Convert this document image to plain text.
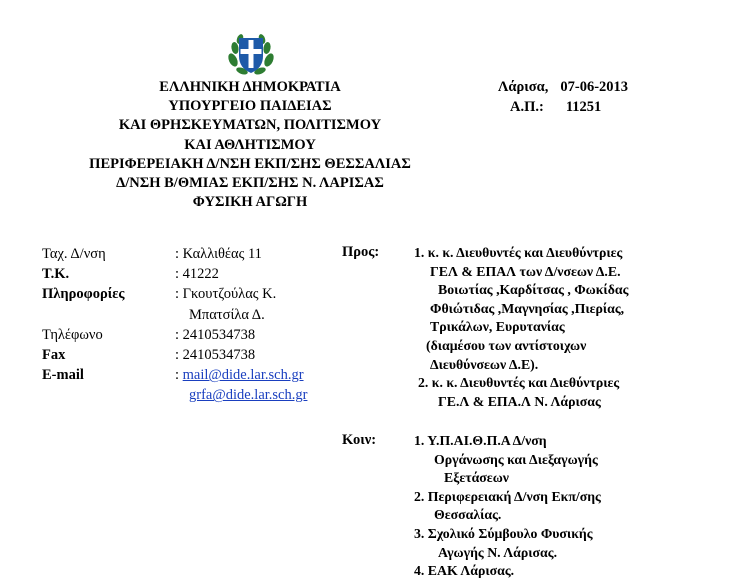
ΕΛΛΗΝΙΚΗ ΔΗΜΟΚΡΑΤΙΑ
ΥΠΟΥΡΓΕΙΟ ΠΑΙΔΕΙΑΣ
ΚΑΙ ΘΡΗΣΚΕΥΜΑΤΩΝ, ΠΟΛΙΤΙΣΜΟΥ
ΚΑΙ ΑΘΛΗΤΙΣΜΟΥ
ΠΕΡΙΦΕΡΕΙΑΚΗ Δ/ΝΣΗ ΕΚΠ/ΣΗΣ ΘΕΣΣΑΛΙΑΣ
Δ/ΝΣΗ Β/ΘΜΙΑΣ ΕΚΠ/ΣΗΣ Ν. ΛΑΡΙΣΑΣ
ΦΥΣΙΚΗ ΑΓΩΓΗ
Λάρισα, 07-06-2013
Α.Π.: 11251
Ταχ. Δ/νση	: Καλλιθέας 11
Τ.Κ.	: 41222
Πληροφορίες	: Γκουτζούλας Κ.
Μπατσίλα Δ.
Τηλέφωνο	: 2410534738
Fax	: 2410534738
E-mail	: mail@dide.lar.sch.gr
grfa@dide.lar.sch.gr
Προς:	1. κ. κ. Διευθυντές και Διευθύντριες
ΓΕΛ & ΕΠΑΛ των Δ/νσεων Δ.Ε.
Βοιωτίας ,Καρδίτσας , Φωκίδας
Φθιώτιδας ,Μαγνησίας ,Πιερίας,
Τρικάλων, Ευρυτανίας
(διαμέσου των αντίστοιχων
Διευθύνσεων Δ.Ε).
2. κ. κ. Διευθυντές και Διεθύντριες
ΓΕ.Λ & ΕΠΑ.Λ Ν. Λάρισας
Κοιν:	1. Υ.Π.ΑΙ.Θ.Π.Α Δ/νση
Οργάνωσης και Διεξαγωγής
Εξετάσεων
2. Περιφερειακή Δ/νση Εκπ/σης
Θεσσαλίας.
3. Σχολικό Σύμβουλο Φυσικής
Αγωγής Ν. Λάρισας.
4. ΕΑΚ Λάρισας.
